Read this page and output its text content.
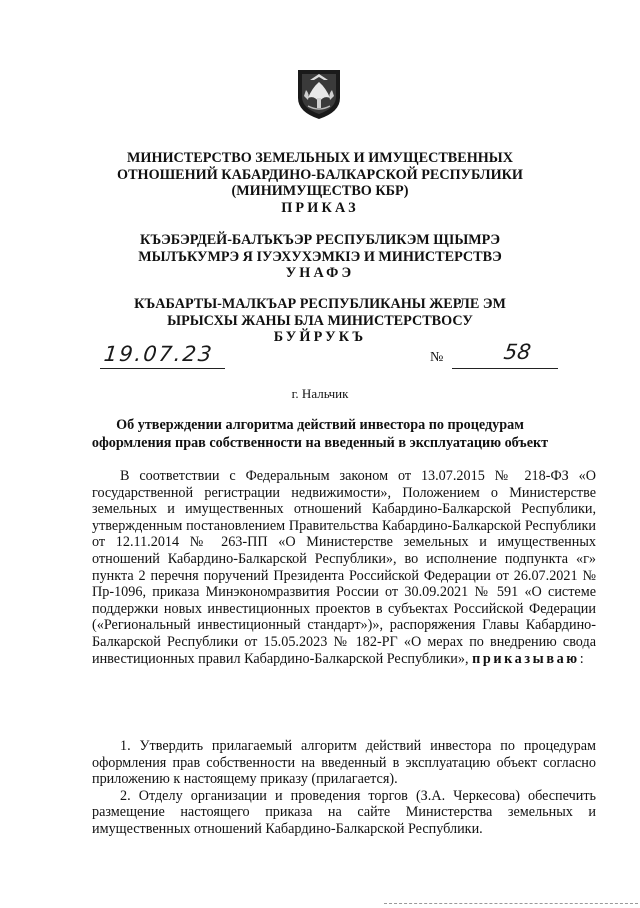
МИНИСТЕРСТВО ЗЕМЕЛЬНЫХ И ИМУЩЕСТВЕННЫХ
ОТНОШЕНИЙ КАБАРДИНО-БАЛКАРСКОЙ РЕСПУБЛИКИ
(МИНИМУЩЕСТВО КБР)
ПРИКАЗ
КЪЭБЭРДЕЙ-БАЛЪКЪЭР РЕСПУБЛИКЭМ ЩІЫМРЭ
МЫЛЪКУМРЭ Я ІУЭХУХЭМКІЭ И МИНИСТЕРСТВЭ
УНАФЭ
КЪАБАРТЫ-МАЛКЪАР РЕСПУБЛИКАНЫ ЖЕРЛЕ ЭМ
ЫРЫСХЫ ЖАНЫ БЛА МИНИСТЕРСТВОСУ
БУЙРУКЪ
19.07.23	№	58
г. Нальчик
Об утверждении алгоритма действий инвестора по процедурам
оформления прав собственности на введенный в эксплуатацию объект

В соответствии с Федеральным законом от 13.07.2015 № 218-ФЗ «О государственной регистрации недвижимости», Положением о Министерстве земельных и имущественных отношений Кабардино-Балкарской Республики, утвержденным постановлением Правительства Кабардино-Балкарской Республики от 12.11.2014 № 263-ПП «О Министерстве земельных и имущественных отношений Кабардино-Балкарской Республики», во исполнение подпункта «г» пункта 2 перечня поручений Президента Российской Федерации от 26.07.2021 № Пр-1096, приказа Минэкономразвития России от 30.09.2021 № 591 «О системе поддержки новых инвестиционных проектов в субъектах Российской Федерации («Региональный инвестиционный стандарт»)», распоряжения Главы Кабардино-Балкарской Республики от 15.05.2023 № 182-РГ «О мерах по внедрению свода инвестиционных правил Кабардино-Балкарской Республики», приказываю:

1. Утвердить прилагаемый алгоритм действий инвестора по процедурам оформления прав собственности на введенный в эксплуатацию объект согласно приложению к настоящему приказу (прилагается).

2. Отделу организации и проведения торгов (З.А. Черкесова) обеспечить размещение настоящего приказа на сайте Министерства земельных и имущественных отношений Кабардино-Балкарской Республики.
